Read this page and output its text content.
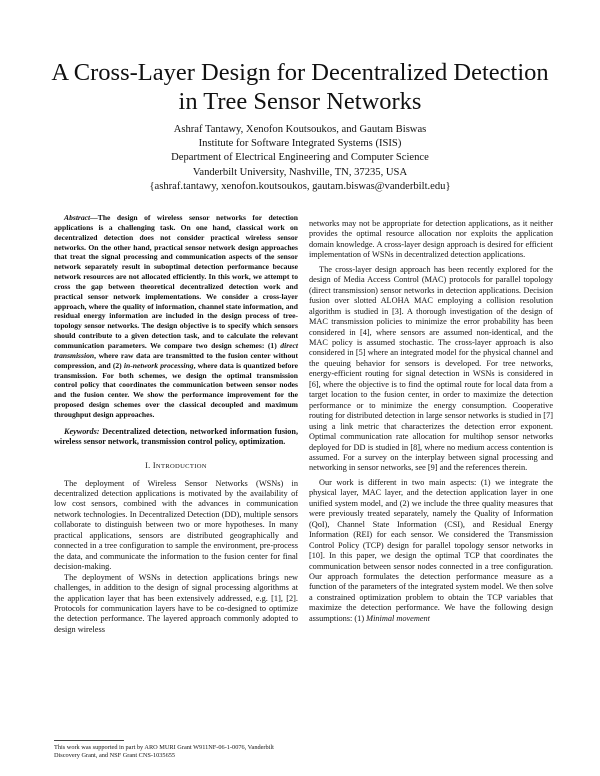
A Cross-Layer Design for Decentralized Detection
in Tree Sensor Networks
Ashraf Tantawy, Xenofon Koutsoukos, and Gautam Biswas
Institute for Software Integrated Systems (ISIS)
Department of Electrical Engineering and Computer Science
Vanderbilt University, Nashville, TN, 37235, USA
{ashraf.tantawy, xenofon.koutsoukos, gautam.biswas@vanderbilt.edu}

Abstract—The design of wireless sensor networks for detection applications is a challenging task. On one hand, classical work on decentralized detection does not consider practical wireless sensor networks. On the other hand, practical sensor network design approaches that treat the signal processing and communication aspects of the sensor network separately result in suboptimal detection performance because network resources are not allocated efficiently. In this work, we attempt to cross the gap between theoretical decentralized detection work and practical sensor network implementations. We consider a cross-layer approach, where the quality of information, channel state information, and residual energy information are included in the design process of tree-topology sensor networks. The design objective is to specify which sensors should contribute to a given detection task, and to calculate the relevant communication parameters. We compare two design schemes: (1) direct transmission, where raw data are transmitted to the fusion center without compression, and (2) in-network processing, where data is quantized before transmission. For both schemes, we design the optimal transmission control policy that coordinates the communication between sensor nodes and the fusion center. We show the performance improvement for the proposed design schemes over the classical decoupled and maximum throughput design approaches.

Keywords: Decentralized detection, networked information fusion, wireless sensor network, transmission control policy, optimization.

I. INTRODUCTION

The deployment of Wireless Sensor Networks (WSNs) in decentralized detection applications is motivated by the availability of low cost sensors, combined with the advances in communication network technologies. In Decentralized Detection (DD), multiple sensors collaborate to distinguish between two or more hypotheses. In many practical applications, sensors are distributed geographically and connected in a tree configuration to sample the environment, pre-process the data, and communicate the information to the fusion center for final decision-making.

The deployment of WSNs in detection applications brings new challenges, in addition to the design of signal processing algorithms at the application layer that has been extensively addressed, e.g. [1], [2]. Protocols for communication layers have to be co-designed to optimize the detection performance. The layered approach commonly adopted to design wireless

This work was supported in part by ARO MURI Grant W911NF-06-1-0076, Vanderbilt Discovery Grant, and NSF Grant CNS-1035655

networks may not be appropriate for detection applications, as it neither provides the optimal resource allocation nor exploits the application domain knowledge. A cross-layer design approach is desired for efficient implementation of WSNs in decentralized detection applications.

The cross-layer design approach has been recently explored for the design of Media Access Control (MAC) protocols for parallel topology (direct transmission) sensor networks in detection applications. Decision fusion over slotted ALOHA MAC employing a collision resolution algorithm is studied in [3]. A thorough investigation of the design of MAC transmission policies to minimize the error probability has been considered in [4], where sensors are assumed non-identical, and the MAC policy is assumed stochastic. The cross-layer approach is also considered in [5] where an integrated model for the physical channel and the queuing behavior for sensors is developed. For tree networks, energy-efficient routing for signal detection in WSNs is considered in [6], where the objective is to find the optimal route for local data from a target location to the fusion center, in order to maximize the detection performance or to minimize the energy consumption. Cooperative routing for distributed detection in large sensor networks is studied in [7] using a link metric that characterizes the detection error exponent. Optimal communication rate allocation for multihop sensor networks deployed for DD is studied in [8], where no medium access contention is assumed. For a survey on the interplay between signal processing and networking in sensor networks, see [9] and the references therein.

Our work is different in two main aspects: (1) we integrate the physical layer, MAC layer, and the detection application layer in one unified system model, and (2) we include the three quality measures that were previously treated separately, namely the Quality of Information (QoI), Channel State Information (CSI), and Residual Energy Information (REI) for each sensor. We considered the Transmission Control Policy (TCP) design for parallel topology sensor networks in [10]. In this paper, we design the optimal TCP that coordinates the communication between sensor nodes connected in a tree configuration. Our approach formulates the detection performance measure as a function of the parameters of the integrated system model. We then solve a constrained optimization problem to obtain the TCP variables that maximize the detection performance. We have the following design assumptions: (1) Minimal movement
